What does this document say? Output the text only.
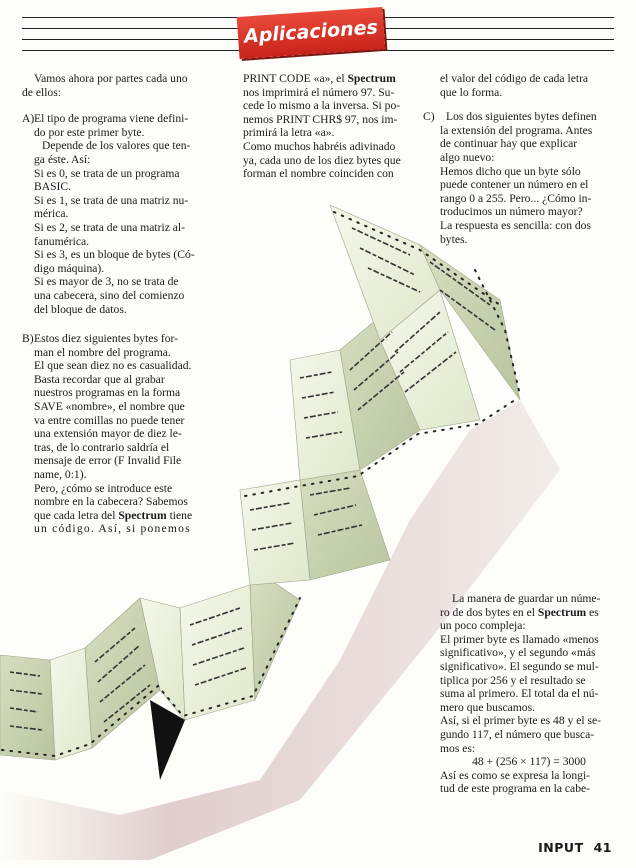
Aplicaciones

Vamos ahora por partes cada uno

de ellos:

A) El tipo de programa viene defini-

do por este primer byte.

Depende de los valores que ten-

ga éste. Así:

Si es 0, se trata de un programa

BASIC.

Si es 1, se trata de una matriz nu-

mérica.

Si es 2, se trata de una matriz al-

fanumérica.

Si es 3, es un bloque de bytes (Có-

digo máquina).

Si es mayor de 3, no se trata de

una cabecera, sino del comienzo

del bloque de datos.

B) Estos diez siguientes bytes for-

man el nombre del programa.

El que sean diez no es casualidad.

Basta recordar que al grabar

nuestros programas en la forma

SAVE «nombre», el nombre que

va entre comillas no puede tener

una extensión mayor de diez le-

tras, de lo contrario saldría el

mensaje de error (F Invalid File

name, 0:1).

Pero, ¿cómo se introduce este

nombre en la cabecera? Sabemos

que cada letra del Spectrum tiene

un código. Así, si ponemos

PRINT CODE «a», el Spectrum

nos imprimirá el número 97. Su-

cede lo mismo a la inversa. Si po-

nemos PRINT CHR$ 97, nos im-

primirá la letra «a».

Como muchos habréis adivinado

ya, cada uno de los diez bytes que

forman el nombre coinciden con

el valor del código de cada letra

que lo forma.

C) Los dos siguientes bytes definen

la extensión del programa. Antes

de continuar hay que explicar

algo nuevo:

Hemos dicho que un byte sólo

puede contener un número en el

rango 0 a 255. Pero... ¿Cómo in-

troducimos un número mayor?

La respuesta es sencilla: con dos

bytes.

La manera de guardar un núme-

ro de dos bytes en el Spectrum es

un poco compleja:

El primer byte es llamado «menos

significativo», y el segundo «más

significativo». El segundo se mul-

tiplica por 256 y el resultado se

suma al primero. El total da el nú-

mero que buscamos.

Así, si el primer byte es 48 y el se-

gundo 117, el número que busca-

mos es:

48 + (256 × 117) = 3000

Así es como se expresa la longi-

tud de este programa en la cabe-

INPUT 41
